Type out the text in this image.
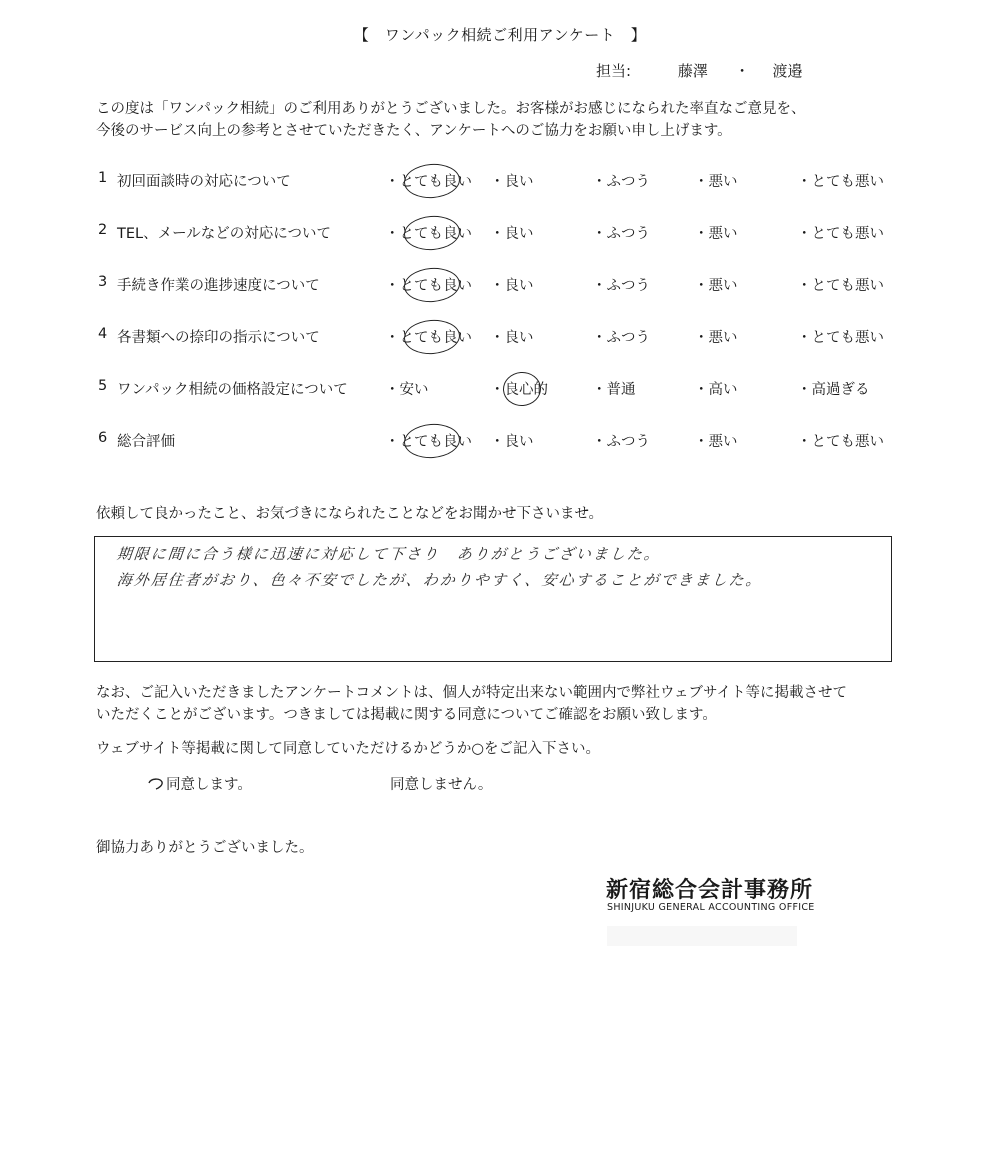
【　ワンパック相続ご利用アンケート　】
担当:	藤澤 ・ 渡邉
この度は「ワンパック相続」のご利用ありがとうございました。お客様がお感じになられた率直なご意見を、
今後のサービス向上の参考とさせていただきたく、アンケートへのご協力をお願い申し上げます。
1 初回面談時の対応について	・とても良い ・良い	・ふつう	・悪い	・とても悪い
2 TEL、メールなどの対応について	・とても良い ・良い	・ふつう	・悪い	・とても悪い
3 手続き作業の進捗速度について	・とても良い ・良い	・ふつう	・悪い	・とても悪い
4 各書類への捺印の指示について	・とても良い ・良い	・ふつう	・悪い	・とても悪い
5 ワンパック相続の価格設定について	・安い	・良心的	・普通	・高い	・高過ぎる
6 総合評価	・とても良い ・良い	・ふつう	・悪い	・とても悪い
依頼して良かったこと、お気づきになられたことなどをお聞かせ下さいませ。
期限に間に合う様に迅速に対応して下さり　ありがとうございました。
海外居住者がおり、色々不安でしたが、わかりやすく、安心することができました。
なお、ご記入いただきましたアンケートコメントは、個人が特定出来ない範囲内で弊社ウェブサイト等に掲載させて
いただくことがございます。つきましては掲載に関する同意についてご確認をお願い致します。
ウェブサイト等掲載に関して同意していただけるかどうか○をご記入下さい。
同意します。	同意しません。
御協力ありがとうございました。
新宿総合会計事務所
SHINJUKU GENERAL ACCOUNTING OFFICE
